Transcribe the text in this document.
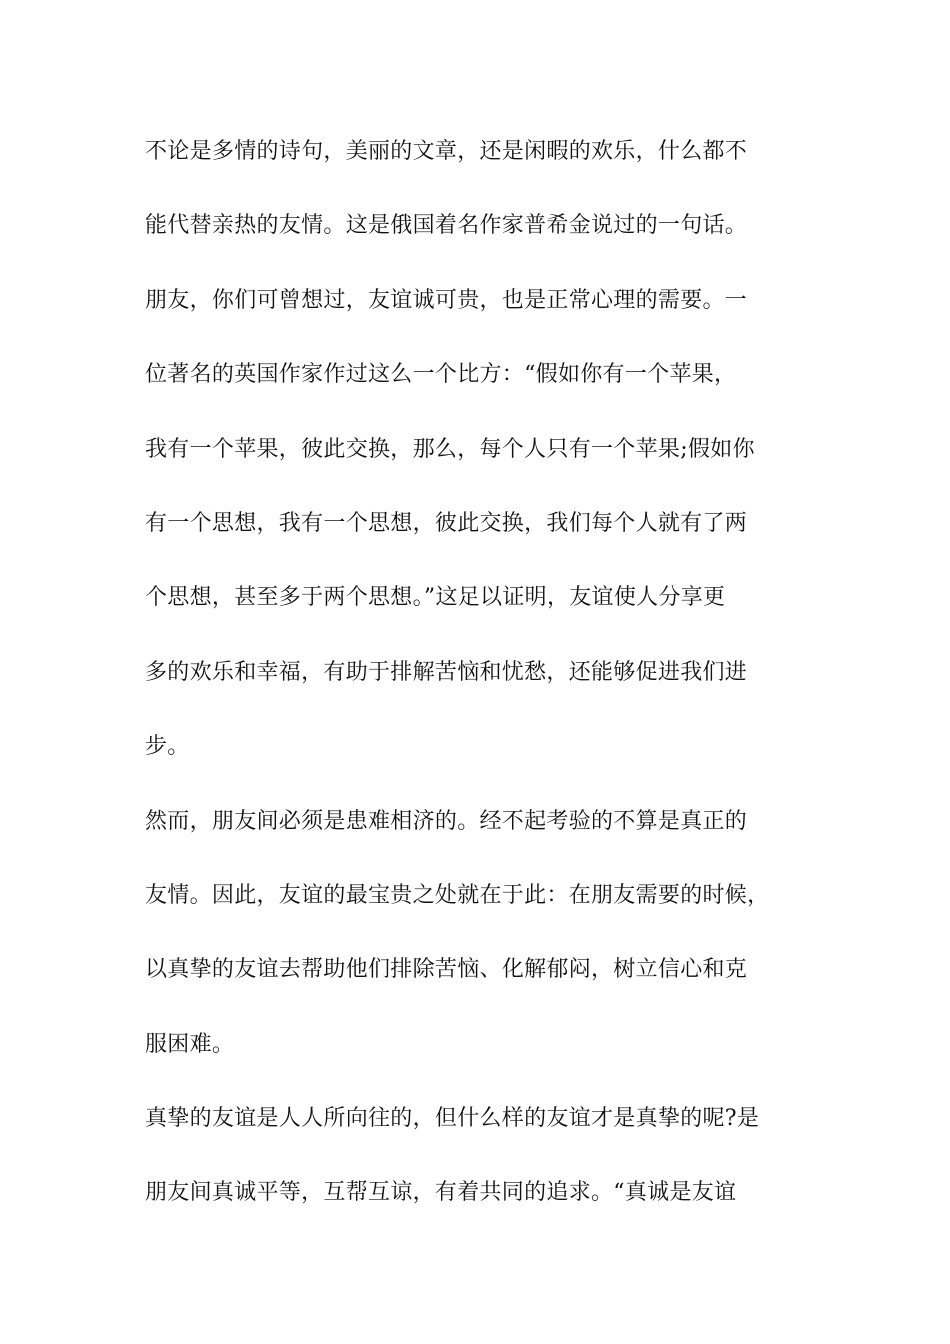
不论是多情的诗句，美丽的文章，还是闲暇的欢乐，什么都不
能代替亲热的友情。这是俄国着名作家普希金说过的一句话。
朋友，你们可曾想过，友谊诚可贵，也是正常心理的需要。一
位著名的英国作家作过这么一个比方：“假如你有一个苹果，
我有一个苹果，彼此交换，那么，每个人只有一个苹果;假如你
有一个思想，我有一个思想，彼此交换，我们每个人就有了两
个思想，甚至多于两个思想。”这足以证明，友谊使人分享更
多的欢乐和幸福，有助于排解苦恼和忧愁，还能够促进我们进
步。
然而，朋友间必须是患难相济的。经不起考验的不算是真正的
友情。因此，友谊的最宝贵之处就在于此：在朋友需要的时候，
以真挚的友谊去帮助他们排除苦恼、化解郁闷，树立信心和克
服困难。
真挚的友谊是人人所向往的，但什么样的友谊才是真挚的呢?是
朋友间真诚平等，互帮互谅，有着共同的追求。“真诚是友谊
